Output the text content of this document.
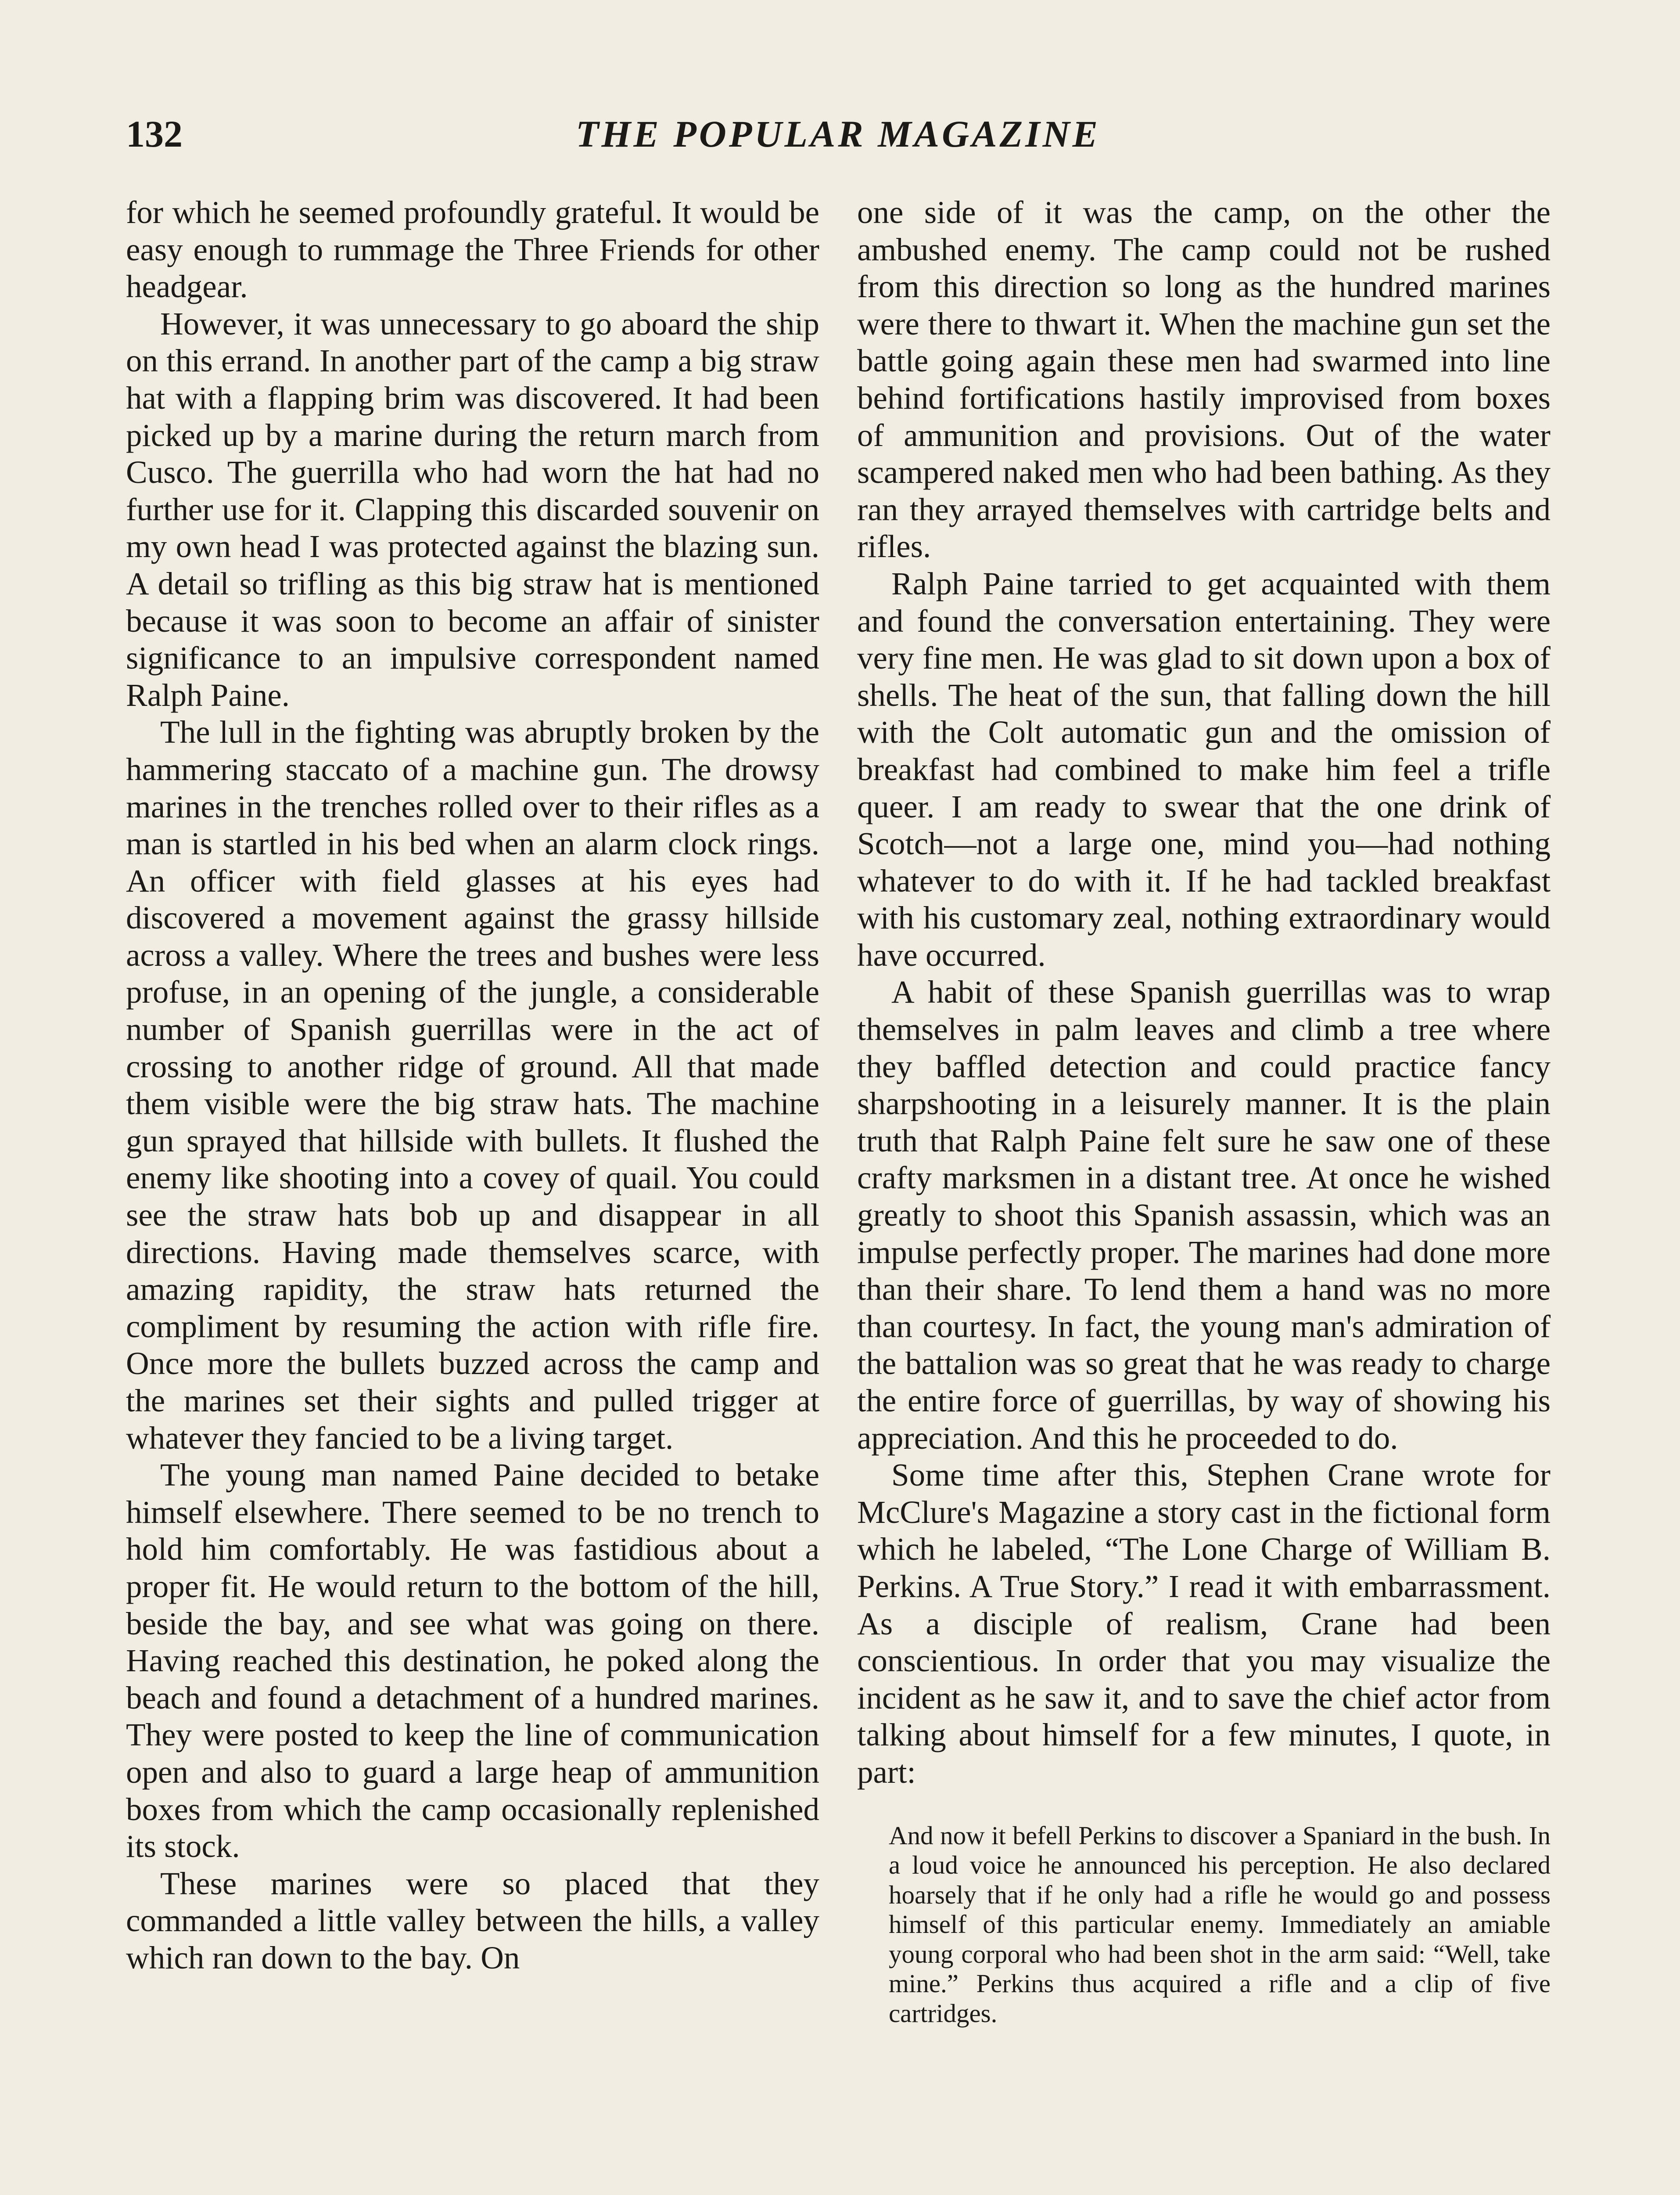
132	THE POPULAR MAGAZINE

for which he seemed profoundly grateful. It would be easy enough to rummage the Three Friends for other headgear.

However, it was unnecessary to go aboard the ship on this errand. In another part of the camp a big straw hat with a flapping brim was discovered. It had been picked up by a marine during the return march from Cusco. The guerrilla who had worn the hat had no further use for it. Clapping this discarded souvenir on my own head I was protected against the blazing sun. A detail so trifling as this big straw hat is mentioned because it was soon to become an affair of sinister significance to an impulsive correspondent named Ralph Paine.

The lull in the fighting was abruptly broken by the hammering staccato of a machine gun. The drowsy marines in the trenches rolled over to their rifles as a man is startled in his bed when an alarm clock rings. An officer with field glasses at his eyes had discovered a movement against the grassy hillside across a valley. Where the trees and bushes were less profuse, in an opening of the jungle, a considerable number of Spanish guerrillas were in the act of crossing to another ridge of ground. All that made them visible were the big straw hats. The machine gun sprayed that hillside with bullets. It flushed the enemy like shooting into a covey of quail. You could see the straw hats bob up and disappear in all directions. Having made themselves scarce, with amazing rapidity, the straw hats returned the compliment by resuming the action with rifle fire. Once more the bullets buzzed across the camp and the marines set their sights and pulled trigger at whatever they fancied to be a living target.

The young man named Paine decided to betake himself elsewhere. There seemed to be no trench to hold him comfortably. He was fastidious about a proper fit. He would return to the bottom of the hill, beside the bay, and see what was going on there. Having reached this destination, he poked along the beach and found a detachment of a hundred marines. They were posted to keep the line of communication open and also to guard a large heap of ammunition boxes from which the camp occasionally replenished its stock.

These marines were so placed that they commanded a little valley between the hills, a valley which ran down to the bay. On

one side of it was the camp, on the other the ambushed enemy. The camp could not be rushed from this direction so long as the hundred marines were there to thwart it. When the machine gun set the battle going again these men had swarmed into line behind fortifications hastily improvised from boxes of ammunition and provisions. Out of the water scampered naked men who had been bathing. As they ran they arrayed themselves with cartridge belts and rifles.

Ralph Paine tarried to get acquainted with them and found the conversation entertaining. They were very fine men. He was glad to sit down upon a box of shells. The heat of the sun, that falling down the hill with the Colt automatic gun and the omission of breakfast had combined to make him feel a trifle queer. I am ready to swear that the one drink of Scotch—not a large one, mind you—had nothing whatever to do with it. If he had tackled breakfast with his customary zeal, nothing extraordinary would have occurred.

A habit of these Spanish guerrillas was to wrap themselves in palm leaves and climb a tree where they baffled detection and could practice fancy sharpshooting in a leisurely manner. It is the plain truth that Ralph Paine felt sure he saw one of these crafty marksmen in a distant tree. At once he wished greatly to shoot this Spanish assassin, which was an impulse perfectly proper. The marines had done more than their share. To lend them a hand was no more than courtesy. In fact, the young man's admiration of the battalion was so great that he was ready to charge the entire force of guerrillas, by way of showing his appreciation. And this he proceeded to do.

Some time after this, Stephen Crane wrote for McClure's Magazine a story cast in the fictional form which he labeled, “The Lone Charge of William B. Perkins. A True Story.” I read it with embarrassment. As a disciple of realism, Crane had been conscientious. In order that you may visualize the incident as he saw it, and to save the chief actor from talking about himself for a few minutes, I quote, in part:

And now it befell Perkins to discover a Spaniard in the bush. In a loud voice he announced his perception. He also declared hoarsely that if he only had a rifle he would go and possess himself of this particular enemy. Immediately an amiable young corporal who had been shot in the arm said: “Well, take mine.” Perkins thus acquired a rifle and a clip of five cartridges.
